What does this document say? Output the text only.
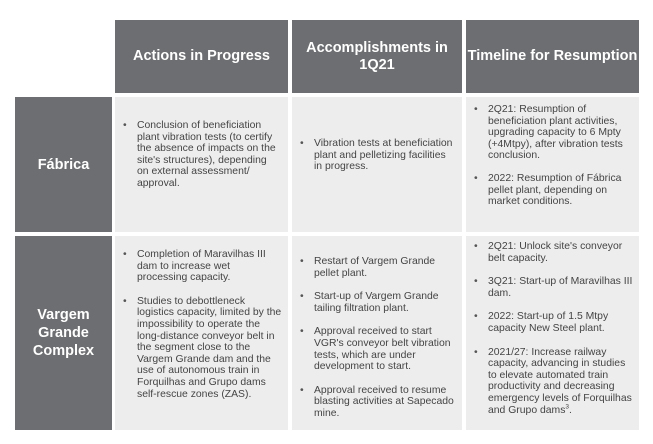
Actions in Progress
Accomplishments in 1Q21
Timeline for Resumption
Fábrica
• Conclusion of beneficiation plant vibration tests (to certify the absence of impacts on the site's structures), depending on external assessment/ approval.
• Vibration tests at beneficiation plant and pelletizing facilities in progress.
• 2Q21: Resumption of beneficiation plant activities, upgrading capacity to 6 Mpty (+4Mtpy), after vibration tests conclusion.
• 2022: Resumption of Fábrica pellet plant, depending on market conditions.
Vargem Grande Complex
• Completion of Maravilhas III dam to increase wet processing capacity.
• Studies to debottleneck logistics capacity, limited by the impossibility to operate the long-distance conveyor belt in the segment close to the Vargem Grande dam and the use of autonomous train in Forquilhas and Grupo dams self-rescue zones (ZAS).
• Restart of Vargem Grande pellet plant.
• Start-up of Vargem Grande tailing filtration plant.
• Approval received to start VGR's conveyor belt vibration tests, which are under development to start.
• Approval received to resume blasting activities at Sapecado mine.
• 2Q21: Unlock site's conveyor belt capacity.
• 3Q21: Start-up of Maravilhas III dam.
• 2022: Start-up of 1.5 Mtpy capacity New Steel plant.
• 2021/27: Increase railway capacity, advancing in studies to elevate automated train productivity and decreasing emergency levels of Forquilhas and Grupo dams$^3$.
